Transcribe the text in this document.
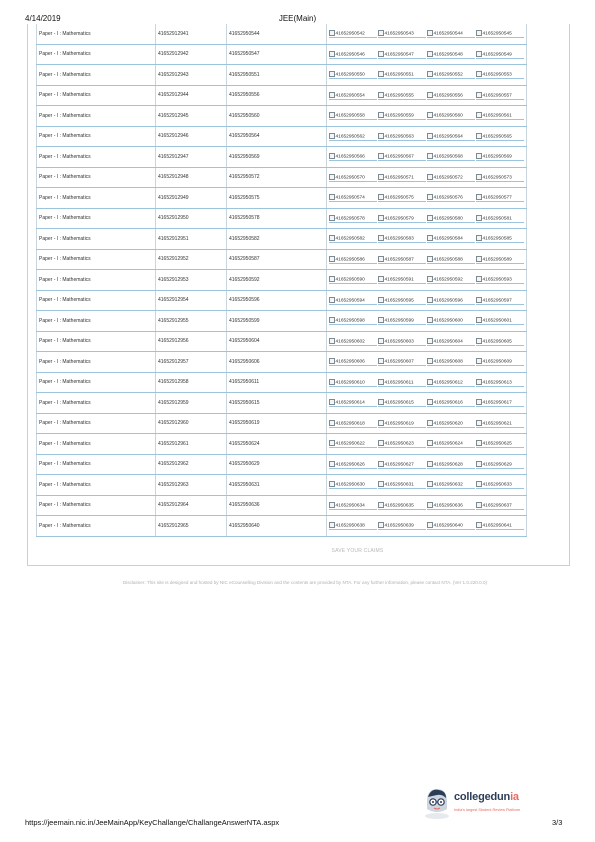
4/14/2019	JEE(Main)
Paper - I : Mathematics	41652912941	41652950544	41652950542 41652950543 41652950544 41652950545
Paper - I : Mathematics	41652912942	41652950547	41652950546 41652950547 41652950548 41652950549
Paper - I : Mathematics	41652912943	41652950551	41652950550 41652950551 41652950552 41652950553
Paper - I : Mathematics	41652912944	41652950556	41652950554 41652950555 41652950556 41652950557
Paper - I : Mathematics	41652912945	41652950560	41652950558 41652950559 41652950560 41652950561
Paper - I : Mathematics	41652912946	41652950564	41652950562 41652950563 41652950564 41652950565
Paper - I : Mathematics	41652912947	41652950569	41652950566 41652950567 41652950568 41652950569
Paper - I : Mathematics	41652912948	41652950572	41652950570 41652950571 41652950572 41652950573
Paper - I : Mathematics	41652912949	41652950575	41652950574 41652950575 41652950576 41652950577
Paper - I : Mathematics	41652912950	41652950578	41652950578 41652950579 41652950580 41652950581
Paper - I : Mathematics	41652912951	41652950582	41652950582 41652950583 41652950584 41652950585
Paper - I : Mathematics	41652912952	41652950587	41652950586 41652950587 41652950588 41652950589
Paper - I : Mathematics	41652912953	41652950592	41652950590 41652950591 41652950592 41652950593
Paper - I : Mathematics	41652912954	41652950596	41652950594 41652950595 41652950596 41652950597
Paper - I : Mathematics	41652912955	41652950599	41652950598 41652950599 41652950600 41652950601
Paper - I : Mathematics	41652912956	41652950604	41652950602 41652950603 41652950604 41652950605
Paper - I : Mathematics	41652912957	41652950606	41652950606 41652950607 41652950608 41652950609
Paper - I : Mathematics	41652912958	41652950611	41652950610 41652950611 41652950612 41652950613
Paper - I : Mathematics	41652912959	41652950615	41652950614 41652950615 41652950616 41652950617
Paper - I : Mathematics	41652912960	41652950619	41652950618 41652950619 41652950620 41652950621
Paper - I : Mathematics	41652912961	41652950624	41652950622 41652950623 41652950624 41652950625
Paper - I : Mathematics	41652912962	41652950629	41652950626 41652950627 41652950628 41652950629
Paper - I : Mathematics	41652912963	41652950631	41652950630 41652950631 41652950632 41652950633
Paper - I : Mathematics	41652912964	41652950636	41652950634 41652950635 41652950636 41652950637
Paper - I : Mathematics	41652912965	41652950640	41652950638 41652950639 41652950640 41652950641
SAVE YOUR CLAIMS
Disclaimer: This site is designed and hosted by NIC eCounselling Division and the contents are provided by NTA. For any further information, please contact NTA. (Ver 1.0.220.0.0)
collegedunia
India's largest Student Review Platform
https://jeemain.nic.in/JeeMainApp/KeyChallange/ChallangeAnswerNTA.aspx	3/3
